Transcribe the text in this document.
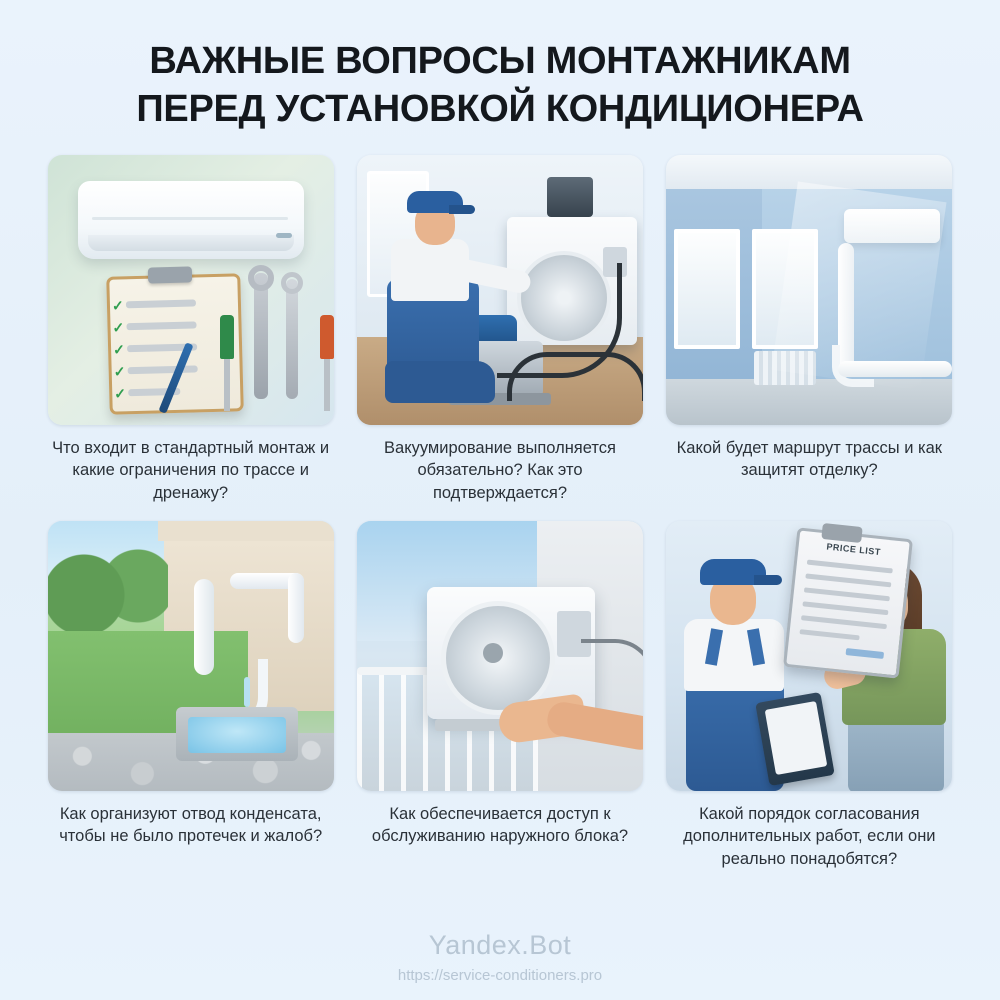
ВАЖНЫЕ ВОПРОСЫ МОНТАЖНИКАМ
ПЕРЕД УСТАНОВКОЙ КОНДИЦИОНЕРА
✓
✓
✓
✓
✓
Что входит в стандартный монтаж и какие ограничения по трассе и дренажу?
Вакуумирование выполняется обязательно? Как это подтверждается?
Какой будет маршрут трассы и как защитят отделку?
Как организуют отвод конденсата, чтобы не было протечек и жалоб?
Как обеспечивается доступ к обслуживанию наружного блока?
PRICE LIST
Какой порядок согласования дополнительных работ, если они реально понадобятся?
Yandex.Bot
https://service-conditioners.pro
